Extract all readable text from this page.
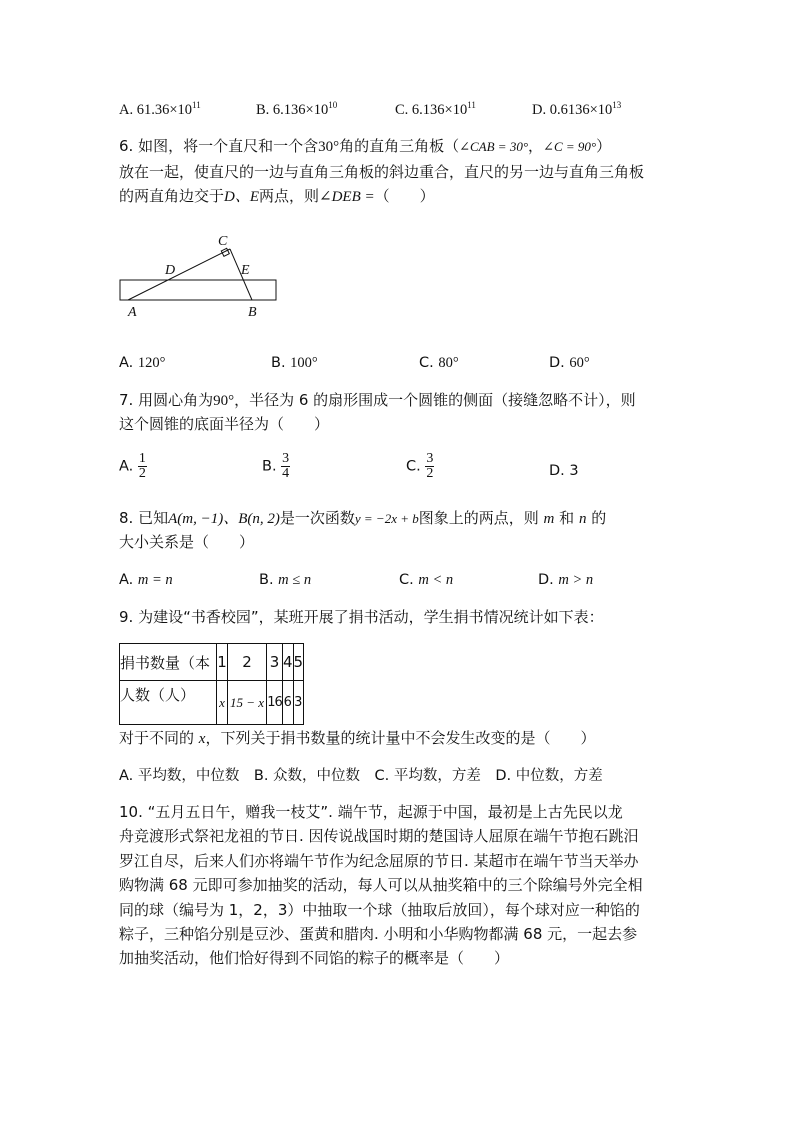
A. $61.36\times 10^{11}$	B. $6.136\times 10^{10}$	C. $6.136\times 10^{11}$	D. $0.6136\times 10^{13}$
6. 如图，将一个直尺和一个含30°角的直角三角板（∠CAB = 30°，∠C = 90°）
放在一起，使直尺的一边与直角三角板的斜边重合，直尺的另一边与直角三角板
的两直角边交于D、E两点，则∠DEB =（　　）
C
D	E
A	B
A. 120°	B. 100°	C. 80°	D. 60°
7. 用圆心角为90°，半径为 6 的扇形围成一个圆锥的侧面（接缝忽略不计），则
这个圆锥的底面半径为（　　）
A. $\frac{1}{2}$	B. $\frac{3}{4}$	C. $\frac{3}{2}$	D. 3
8. 已知A(m, −1)、B(n, 2)是一次函数y = −2x + b图象上的两点，则 m 和 n 的
大小关系是（　　）
A. m = n	B. m ≤ n	C. m < n	D. m > n
9. 为建设“书香校园”，某班开展了捐书活动，学生捐书情况统计如下表：
捐书数量（本	1	2	3	4	5
人数（人）	x	15 − x	16	6	3
对于不同的 x，下列关于捐书数量的统计量中不会发生改变的是（　　）
A. 平均数，中位数　B. 众数，中位数　C. 平均数，方差　D. 中位数，方差
10. “五月五日午，赠我一枝艾”. 端午节，起源于中国，最初是上古先民以龙
舟竞渡形式祭祀龙祖的节日. 因传说战国时期的楚国诗人屈原在端午节抱石跳汨
罗江自尽，后来人们亦将端午节作为纪念屈原的节日. 某超市在端午节当天举办
购物满 68 元即可参加抽奖的活动，每人可以从抽奖箱中的三个除编号外完全相
同的球（编号为 1，2，3）中抽取一个球（抽取后放回），每个球对应一种馅的
粽子，三种馅分别是豆沙、蛋黄和腊肉. 小明和小华购物都满 68 元，一起去参
加抽奖活动，他们恰好得到不同馅的粽子的概率是（　　）
